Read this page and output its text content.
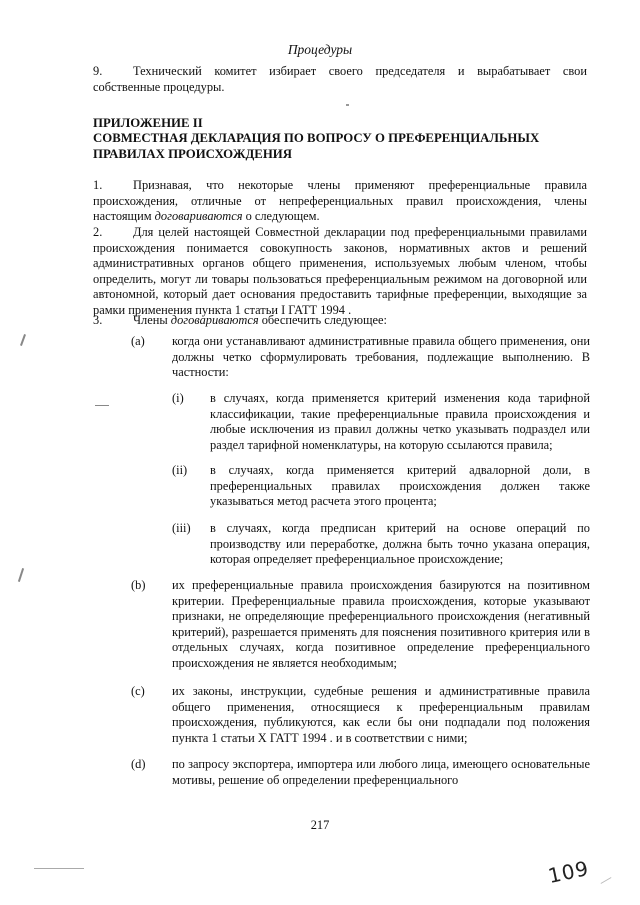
Процедуры
9. Технический комитет избирает своего председателя и вырабатывает свои собственные процедуры.
ПРИЛОЖЕНИЕ II
СОВМЕСТНАЯ ДЕКЛАРАЦИЯ ПО ВОПРОСУ О ПРЕФЕРЕНЦИАЛЬНЫХ ПРАВИЛАХ ПРОИСХОЖДЕНИЯ
1. Признавая, что некоторые члены применяют преференциальные правила происхождения, отличные от непреференциальных правил происхождения, члены настоящим договариваются о следующем.
2. Для целей настоящей Совместной декларации под преференциальными правилами происхождения понимается совокупность законов, нормативных актов и решений административных органов общего применения, используемых любым членом, чтобы определить, могут ли товары пользоваться преференциальным режимом на договорной или автономной, который дает основания предоставить тарифные преференции, выходящие за рамки применения пункта 1 статьи I ГАТТ 1994 .
3. Члены договариваются обеспечить следующее:
(a) когда они устанавливают административные правила общего применения, они должны четко сформулировать требования, подлежащие выполнению. В частности:
(i) в случаях, когда применяется критерий изменения кода тарифной классификации, такие преференциальные правила происхождения и любые исключения из правил должны четко указывать подраздел или раздел тарифной номенклатуры, на которую ссылаются правила;
(ii) в случаях, когда применяется критерий адвалорной доли, в преференциальных правилах происхождения должен также указываться метод расчета этого процента;
(iii) в случаях, когда предписан критерий на основе операций по производству или переработке, должна быть точно указана операция, которая определяет преференциальное происхождение;
(b) их преференциальные правила происхождения базируются на позитивном критерии. Преференциальные правила происхождения, которые указывают признаки, не определяющие преференциального происхождения (негативный критерий), разрешается применять для пояснения позитивного критерия или в отдельных случаях, когда позитивное определение преференциального происхождения не является необходимым;
(c) их законы, инструкции, судебные решения и административные правила общего применения, относящиеся к преференциальным правилам происхождения, публикуются, как если бы они подпадали под положения пункта 1 статьи X ГАТТ 1994 . и в соответствии с ними;
(d) по запросу экспортера, импортера или любого лица, имеющего основательные мотивы, решение об определении преференциального
217
109
